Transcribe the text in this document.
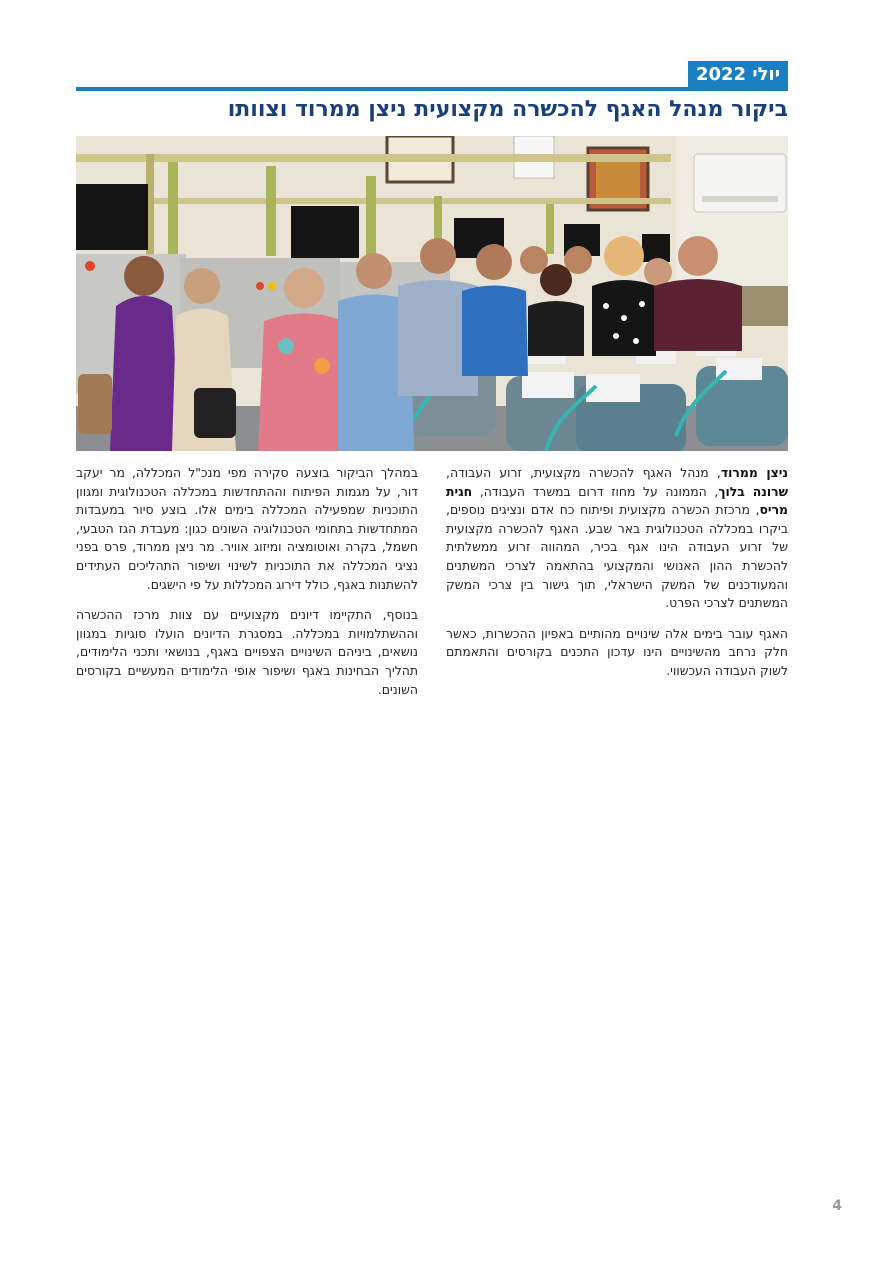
יולי 2022
ביקור מנהל האגף להכשרה מקצועית ניצן ממרוד וצוותו

ניצן ממרוד, מנהל האגף להכשרה מקצועית, זרוע העבודה, שרונה בלוך, הממונה על מחוז דרום במשרד העבודה, חגית מריס, מרכזת הכשרה מקצועית ופיתוח כח אדם ונציגים נוספים, ביקרו במכללה הטכנולוגית באר שבע. האגף להכשרה מקצועית של זרוע העבודה הינו אגף בכיר, המהווה זרוע ממשלתית להכשרת ההון האנושי והמקצועי בהתאמה לצרכי המשתנים והמעודכנים של המשק הישראלי, תוך גישור בין צרכי המשק המשתנים לצרכי הפרט.

האגף עובר בימים אלה שינויים מהותיים באפיון ההכשרות, כאשר חלק נרחב מהשינויים הינו עדכון התכנים בקורסים והתאמתם לשוק העבודה העכשווי.

במהלך הביקור בוצעה סקירה מפי מנכ"ל המכללה, מר יעקב דור, על מגמות הפיתוח וההתחדשות במכללה הטכנולוגית ומגוון התוכניות שמפעילה המכללה בימים אלו. בוצע סיור במעבדות המתחדשות בתחומי הטכנולוגיה השונים כגון: מעבדת הגז הטבעי, חשמל, בקרה ואוטומציה ומיזוג אוויר. מר ניצן ממרוד, פרס בפני נציגי המכללה את התוכניות לשינוי ושיפור התהליכים העתידים להשתנות באגף, כולל דירוג המכללות על פי הישגים.

בנוסף, התקיימו דיונים מקצועיים עם צוות מרכז ההכשרה וההשתלמויות במכללה. במסגרת הדיונים הועלו סוגיות במגוון נושאים, ביניהם השינויים הצפויים באגף, בנושאי ותכני הלימודים, תהליך הבחינות באגף ושיפור אופי הלימודים המעשיים בקורסים השונים.

4
